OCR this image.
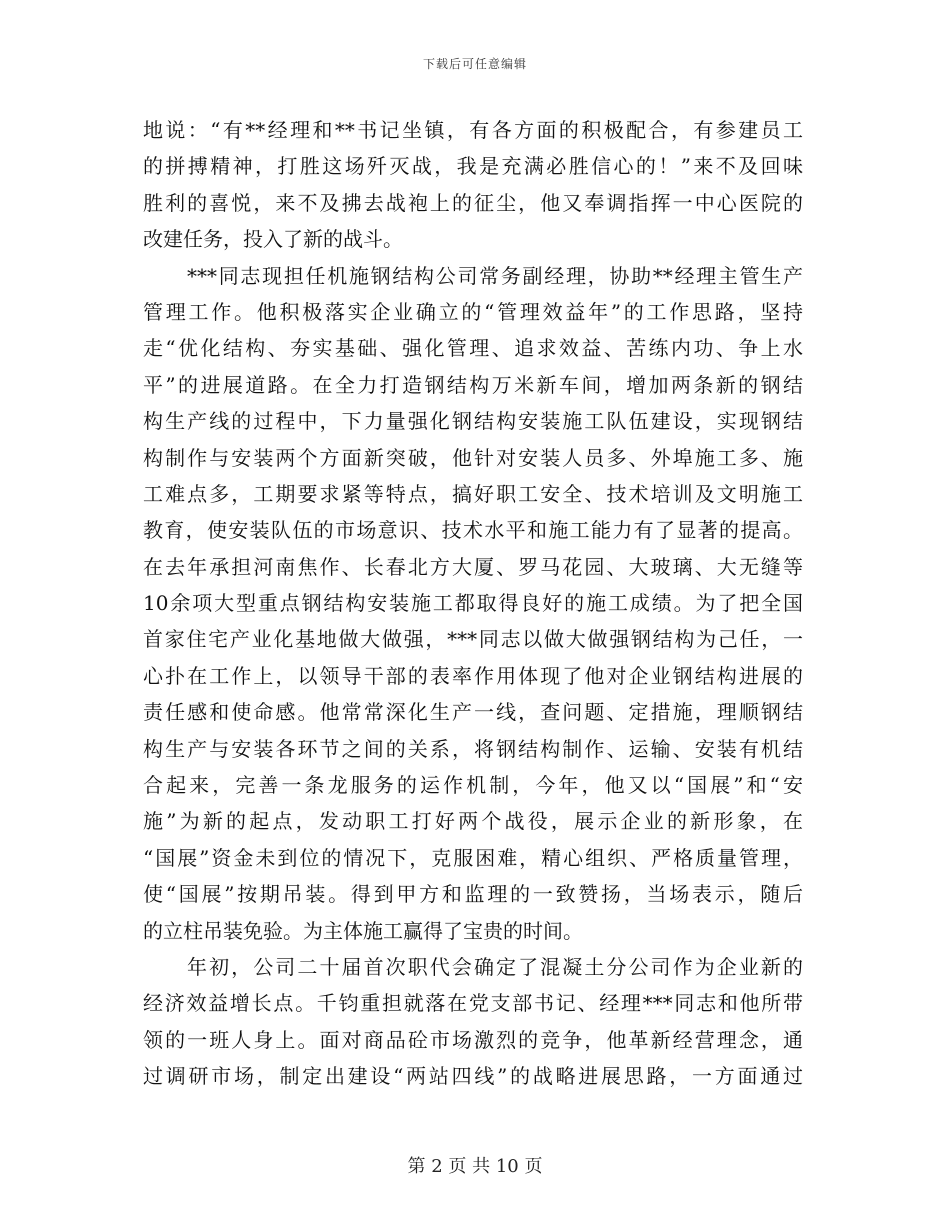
下载后可任意编辑
地说：“有**经理和**书记坐镇，有各方面的积极配合，有参建员工
的拼搏精神，打胜这场歼灭战，我是充满必胜信心的！”来不及回味
胜利的喜悦，来不及拂去战袍上的征尘，他又奉调指挥一中心医院的
改建任务，投入了新的战斗。
***同志现担任机施钢结构公司常务副经理，协助**经理主管生产
管理工作。他积极落实企业确立的“管理效益年”的工作思路，坚持
走“优化结构、夯实基础、强化管理、追求效益、苦练内功、争上水
平”的进展道路。在全力打造钢结构万米新车间，增加两条新的钢结
构生产线的过程中，下力量强化钢结构安装施工队伍建设，实现钢结
构制作与安装两个方面新突破，他针对安装人员多、外埠施工多、施
工难点多，工期要求紧等特点，搞好职工安全、技术培训及文明施工
教育，使安装队伍的市场意识、技术水平和施工能力有了显著的提高。
在去年承担河南焦作、长春北方大厦、罗马花园、大玻璃、大无缝等
10余项大型重点钢结构安装施工都取得良好的施工成绩。为了把全国
首家住宅产业化基地做大做强，***同志以做大做强钢结构为己任，一
心扑在工作上，以领导干部的表率作用体现了他对企业钢结构进展的
责任感和使命感。他常常深化生产一线，查问题、定措施，理顺钢结
构生产与安装各环节之间的关系，将钢结构制作、运输、安装有机结
合起来，完善一条龙服务的运作机制，今年，他又以“国展”和“安
施”为新的起点，发动职工打好两个战役，展示企业的新形象，在
“国展”资金未到位的情况下，克服困难，精心组织、严格质量管理，
使“国展”按期吊装。得到甲方和监理的一致赞扬，当场表示，随后
的立柱吊装免验。为主体施工赢得了宝贵的时间。
年初，公司二十届首次职代会确定了混凝土分公司作为企业新的
经济效益增长点。千钧重担就落在党支部书记、经理***同志和他所带
领的一班人身上。面对商品砼市场激烈的竞争，他革新经营理念，通
过调研市场，制定出建设“两站四线”的战略进展思路，一方面通过
第 2 页 共 10 页
